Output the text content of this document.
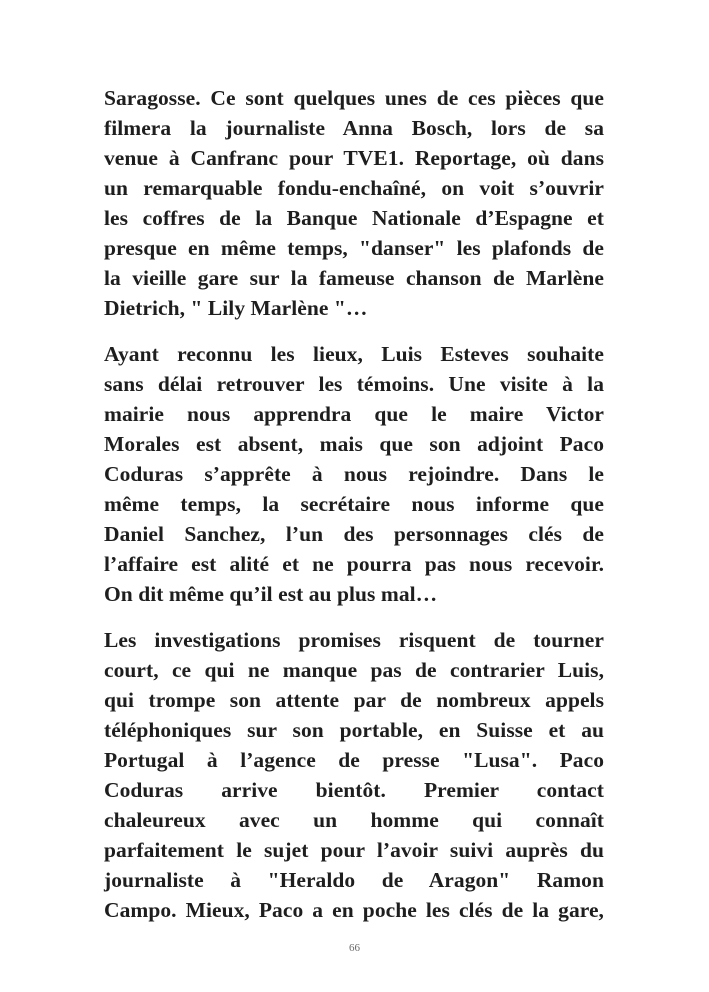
Saragosse. Ce sont quelques unes de ces pièces que
filmera la journaliste Anna Bosch, lors de sa
venue à Canfranc pour TVE1. Reportage, où dans
un remarquable fondu-enchaîné, on voit s’ouvrir
les coffres de la Banque Nationale d’Espagne et
presque en même temps, "danser" les plafonds de
la vieille gare sur la fameuse chanson de Marlène
Dietrich, " Lily Marlène "…

Ayant reconnu les lieux, Luis Esteves souhaite
sans délai retrouver les témoins. Une visite à la
mairie nous apprendra que le maire Victor
Morales est absent, mais que son adjoint Paco
Coduras s’apprête à nous rejoindre. Dans le
même temps, la secrétaire nous informe que
Daniel Sanchez, l’un des personnages clés de
l’affaire est alité et ne pourra pas nous recevoir.
On dit même qu’il est au plus mal…

Les investigations promises risquent de tourner
court, ce qui ne manque pas de contrarier Luis,
qui trompe son attente par de nombreux appels
téléphoniques sur son portable, en Suisse et au
Portugal à l’agence de presse "Lusa". Paco
Coduras arrive bientôt. Premier contact
chaleureux avec un homme qui connaît
parfaitement le sujet pour l’avoir suivi auprès du
journaliste à "Heraldo de Aragon" Ramon
Campo. Mieux, Paco a en poche les clés de la gare,

66
